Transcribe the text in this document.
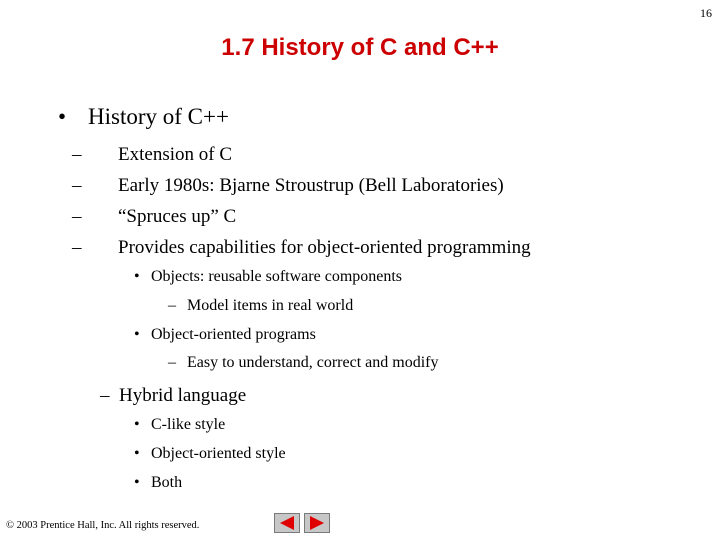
16
1.7 History of C and C++
• History of C++
– Extension of C
– Early 1980s: Bjarne Stroustrup (Bell Laboratories)
– “Spruces up” C
– Provides capabilities for object-oriented programming
• Objects: reusable software components
– Model items in real world
• Object-oriented programs
– Easy to understand, correct and modify
– Hybrid language
• C-like style
• Object-oriented style
• Both
© 2003 Prentice Hall, Inc. All rights reserved.
